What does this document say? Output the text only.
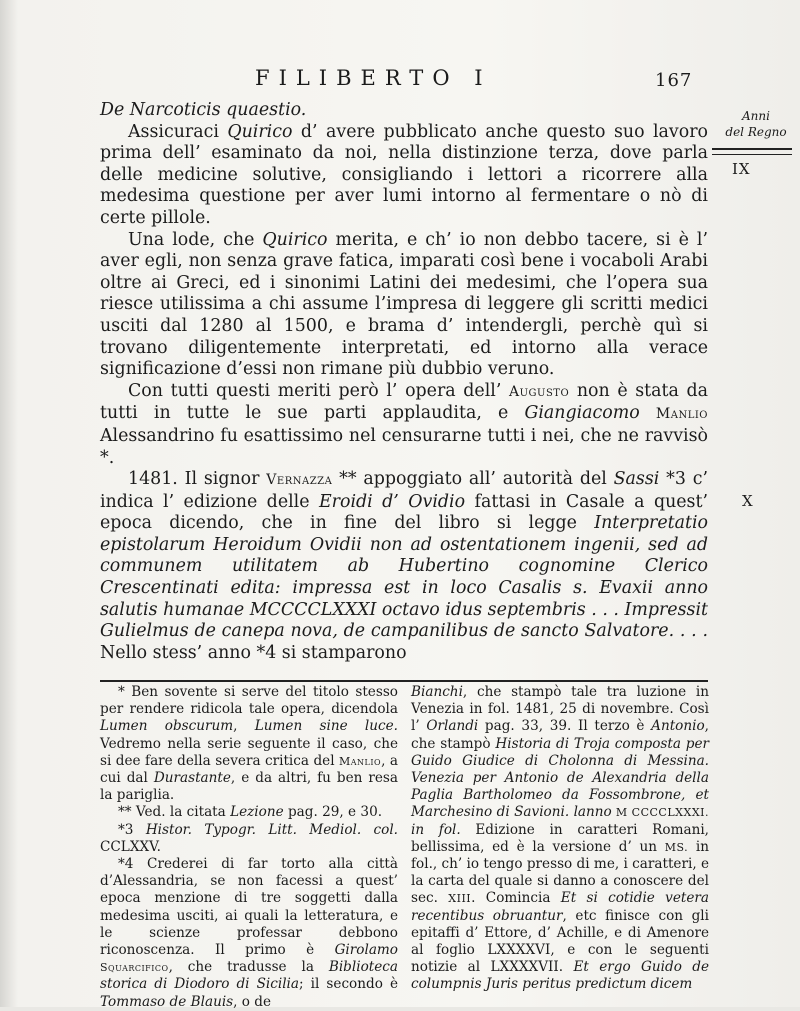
FILIBERTO I	167
Anni
del Regno
IX
X

De Narcoticis quaestio.

Assicuraci Quirico d’ avere pubblicato anche questo suo lavoro prima dell’ esaminato da noi, nella distinzione terza, dove parla delle medicine solutive, consigliando i lettori a ricorrere alla medesima questione per aver lumi intorno al fermentare o nò di certe pillole.

Una lode, che Quirico merita, e ch’ io non debbo tacere, si è l’ aver egli, non senza grave fatica, imparati così bene i vocaboli Arabi oltre ai Greci, ed i sinonimi Latini dei medesimi, che l’opera sua riesce utilissima a chi assume l’impresa di leggere gli scritti medici usciti dal 1280 al 1500, e brama d’ intendergli, perchè quì si trovano diligentemente interpretati, ed intorno alla verace significazione d’essi non rimane più dubbio veruno.

Con tutti questi meriti però l’ opera dell’ Augusto non è stata da tutti in tutte le sue parti applaudita, e Giangiacomo Manlio Alessandrino fu esattissimo nel censurarne tutti i nei, che ne ravvisò *.

1481. Il signor Vernazza ** appoggiato all’ autorità del Sassi *3 c’ indica l’ edizione delle Eroidi d’ Ovidio fattasi in Casale a quest’ epoca dicendo, che in fine del libro si legge Interpretatio epistolarum Heroidum Ovidii non ad ostentationem ingenii, sed ad communem utilitatem ab Hubertino cognomine Clerico Crescentinati edita: impressa est in loco Casalis s. Evaxii anno salutis humanae MCCCCLXXXI octavo idus septembris . . . Impressit Gulielmus de canepa nova, de campanilibus de sancto Salvatore. . . . Nello stess’ anno *4 si stamparono

* Ben sovente si serve del titolo stesso per rendere ridicola tale opera, dicendola Lumen obscurum, Lumen sine luce. Vedremo nella serie seguente il caso, che si dee fare della severa critica del Manlio, a cui dal Durastante, e da altri, fu ben resa la pariglia.

** Ved. la citata Lezione pag. 29, e 30.

*3 Histor. Typogr. Litt. Mediol. col. CCLXXV.

*4 Crederei di far torto alla città d’Alessandria, se non facessi a quest’ epoca menzione di tre soggetti dalla medesima usciti, ai quali la letteratura, e le scienze professar debbono riconoscenza. Il primo è Girolamo Squarcifico, che tradusse la Biblioteca storica di Diodoro di Sicilia; il secondo è Tommaso de Blauis, o de

Bianchi, che stampò tale tra luzione in Venezia in fol. 1481, 25 di novembre. Così l’ Orlandi pag. 33, 39. Il terzo è Antonio, che stampò Historia di Troja composta per Guido Giudice di Cholonna di Messina. Venezia per Antonio de Alexandria della Paglia Bartholomeo da Fossombrone, et Marchesino di Savioni. lanno M CCCCLXXXI. in fol. Edizione in caratteri Romani, bellissima, ed è la versione d’ un MS. in fol., ch’ io tengo presso di me, i caratteri, e la carta del quale si danno a conoscere del sec. XIII. Comincia Et si cotidie vetera recentibus obruantur, etc finisce con gli epitaffi d’ Ettore, d’ Achille, e di Amenore al foglio LXXXXVI, e con le seguenti notizie al LXXXXVII. Et ergo Guido de columpnis Juris peritus predictum dicem
